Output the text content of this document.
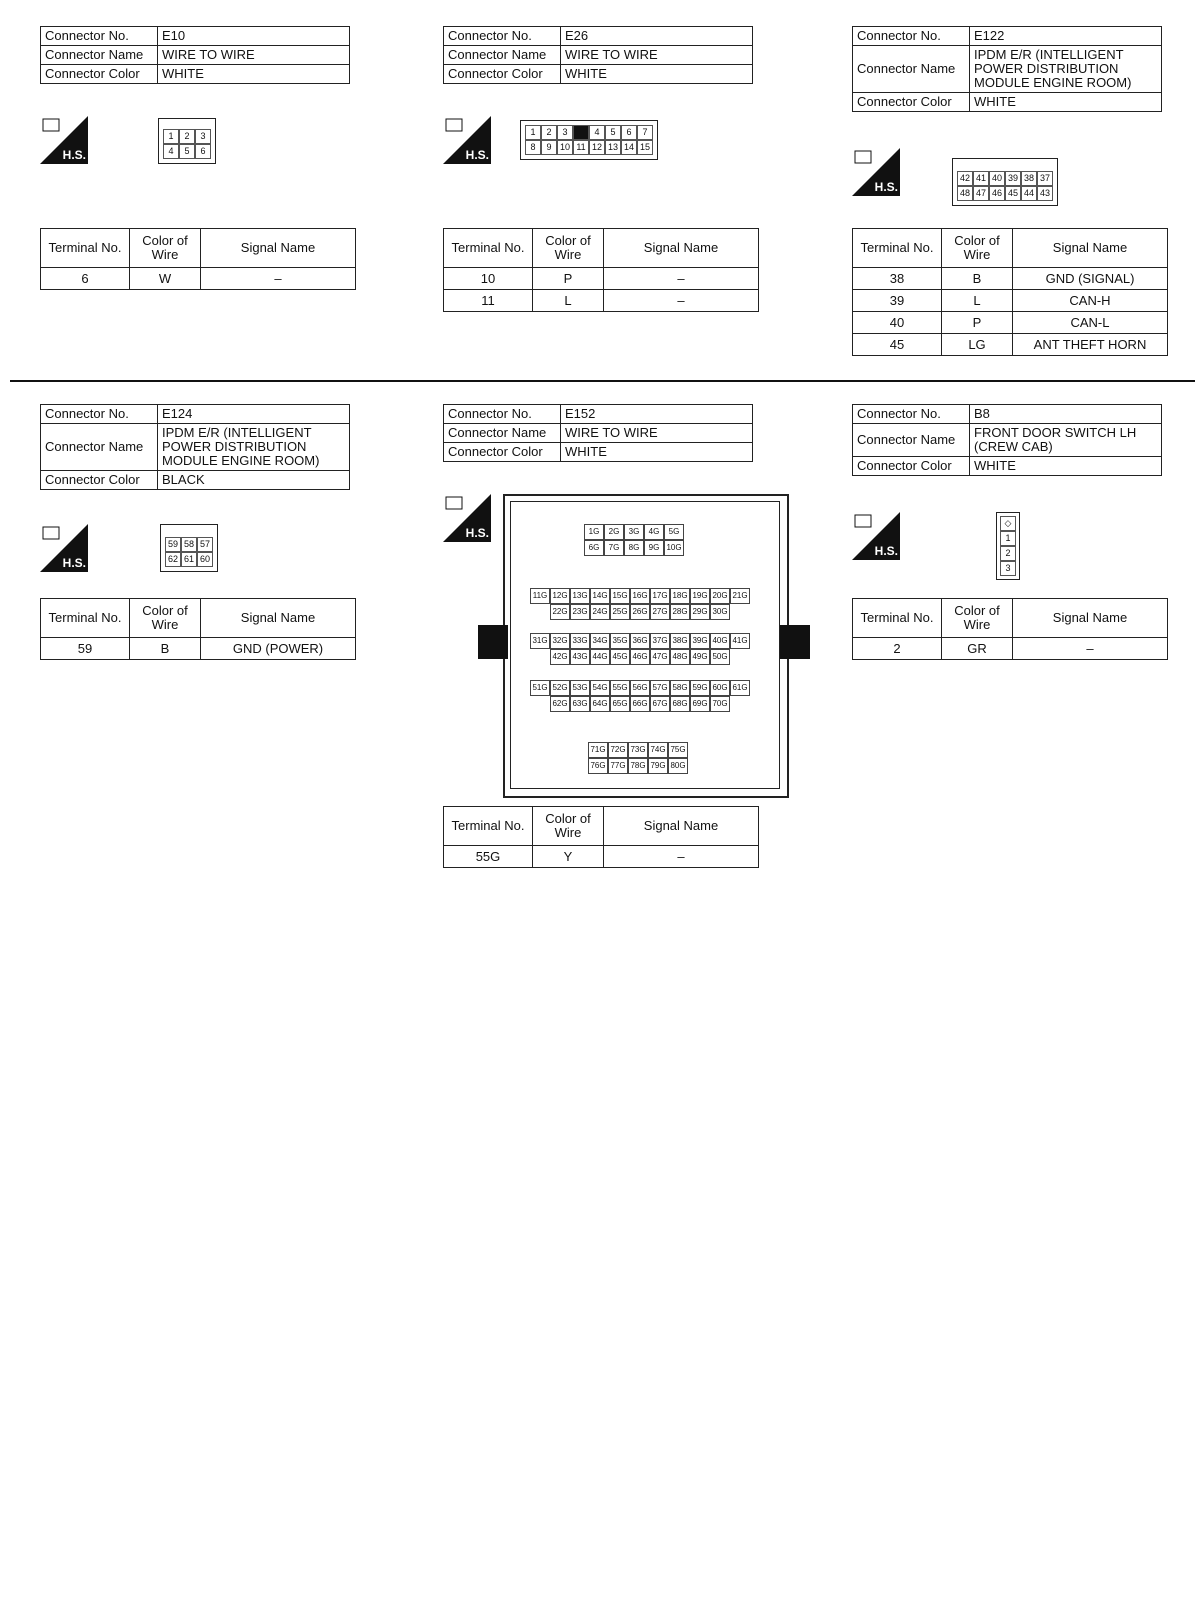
Connector No.	E10
Connector Name	WIRE TO WIRE
Connector Color	WHITE
H.S.
1	2	3
4	5	6
Terminal No.	Color of Wire	Signal Name
6	W	–
Connector No.	E26
Connector Name	WIRE TO WIRE
Connector Color	WHITE
H.S.
1	2	3	4	5	6	7
8	9 10 11 12 13 14 15
Terminal No.	Color of Wire	Signal Name
10	P	–
11	L	–
Connector No.	E122
Connector Name	IPDM E/R (INTELLIGENT POWER DISTRIBUTION MODULE ENGINE ROOM)
Connector Color	WHITE
H.S.
42 41 40 39 38 37
48 47 46 45 44 43
Terminal No.	Color of Wire	Signal Name
38	B	GND (SIGNAL)
39	L	CAN-H
40	P	CAN-L
45	LG	ANT THEFT HORN
Connector No.	E124
Connector Name	IPDM E/R (INTELLIGENT POWER DISTRIBUTION MODULE ENGINE ROOM)
Connector Color	BLACK
H.S.
59 58 57
62 61 60
Terminal No.	Color of Wire	Signal Name
59	B	GND (POWER)
Connector No.	E152
Connector Name	WIRE TO WIRE
Connector Color	WHITE
H.S.	1G	2G	3G	4G	5G
6G	7G	8G	9G 10G
11G 12G 13G 14G 15G 16G 17G 18G 19G 20G 21G
22G 23G 24G 25G 26G 27G 28G 29G 30G
31G 32G 33G 34G 35G 36G 37G 38G 39G 40G 41G
42G 43G 44G 45G 46G 47G 48G 49G 50G
51G 52G 53G 54G 55G 56G 57G 58G 59G 60G 61G
62G 63G 64G 65G 66G 67G 68G 69G 70G
71G 72G 73G 74G 75G
76G 77G 78G 79G 80G
Terminal No.	Color of Wire	Signal Name
55G	Y	–
Connector No.	B8
Connector Name	FRONT DOOR SWITCH LH (CREW CAB)
Connector Color	WHITE
H.S.
◇
1
2
3
Terminal No.	Color of Wire	Signal Name
2	GR	–
